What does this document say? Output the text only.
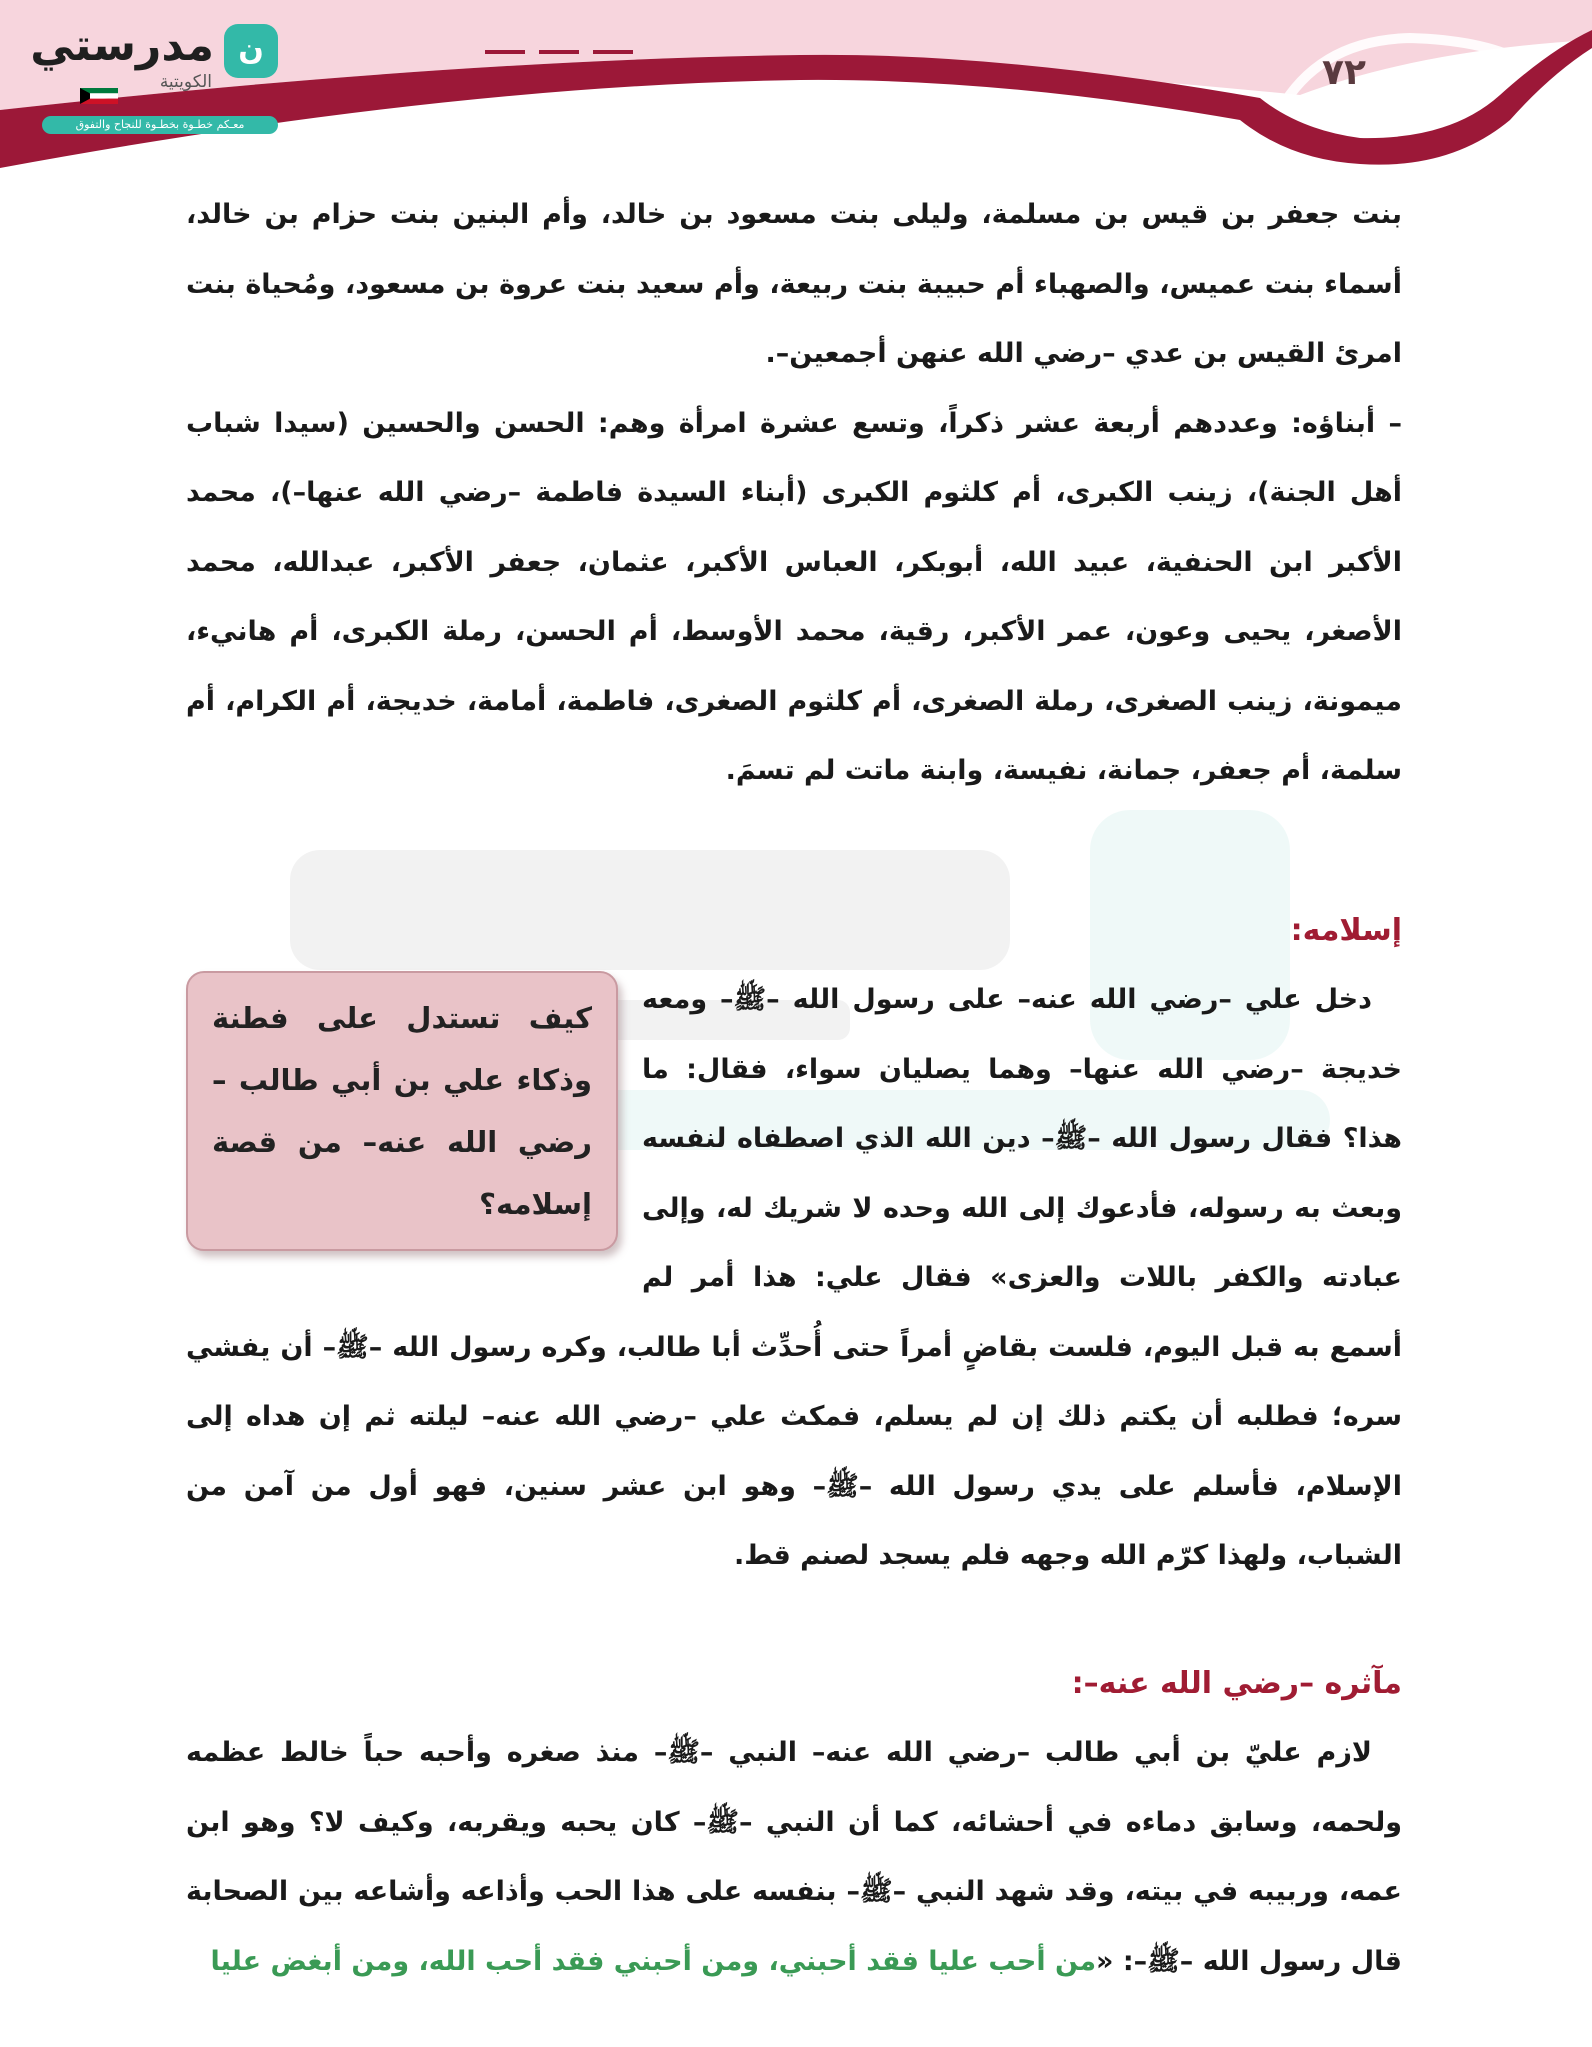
ن
مدرستي
الكويتية
معـكم خطـوة بخطـوة للنجاح والتفوق
٧٢

بنت جعفر بن قيس بن مسلمة، وليلى بنت مسعود بن خالد، وأم البنين بنت حزام بن خالد، أسماء بنت عميس، والصهباء أم حبيبة بنت ربيعة، وأم سعيد بنت عروة بن مسعود، ومُحياة بنت امرئ القيس بن عدي –رضي الله عنهن أجمعين–.

– أبناؤه: وعددهم أربعة عشر ذكراً، وتسع عشرة امرأة وهم: الحسن والحسين (سيدا شباب أهل الجنة)، زينب الكبرى، أم كلثوم الكبرى (أبناء السيدة فاطمة –رضي الله عنها–)، محمد الأكبر ابن الحنفية، عبيد الله، أبوبكر، العباس الأكبر، عثمان، جعفر الأكبر، عبدالله، محمد الأصغر، يحيى وعون، عمر الأكبر، رقية، محمد الأوسط، أم الحسن، رملة الكبرى، أم هانيء، ميمونة، زينب الصغرى، رملة الصغرى، أم كلثوم الصغرى، فاطمة، أمامة، خديجة، أم الكرام، أم سلمة، أم جعفر، جمانة، نفيسة، وابنة ماتت لم تسمَ.

إسلامه:

كيف تستدل على فطنة وذكاء علي بن أبي طالب –رضي الله عنه– من قصة إسلامه؟

دخل علي –رضي الله عنه– على رسول الله –ﷺ– ومعه خديجة –رضي الله عنها– وهما يصليان سواء، فقال: ما هذا؟ فقال رسول الله –ﷺ– دين الله الذي اصطفاه لنفسه وبعث به رسوله، فأدعوك إلى الله وحده لا شريك له، وإلى عبادته والكفر باللات والعزى» فقال علي: هذا أمر لم أسمع به قبل اليوم، فلست بقاضٍ أمراً حتى أُحدِّث أبا طالب، وكره رسول الله –ﷺ– أن يفشي سره؛ فطلبه أن يكتم ذلك إن لم يسلم، فمكث علي –رضي الله عنه– ليلته ثم إن هداه إلى الإسلام، فأسلم على يدي رسول الله –ﷺ– وهو ابن عشر سنين، فهو أول من آمن من الشباب، ولهذا كرّم الله وجهه فلم يسجد لصنم قط.

مآثره –رضي الله عنه–:

لازم عليّ بن أبي طالب –رضي الله عنه– النبي –ﷺ– منذ صغره وأحبه حباً خالط عظمه ولحمه، وسابق دماءه في أحشائه، كما أن النبي –ﷺ– كان يحبه ويقربه، وكيف لا؟ وهو ابن عمه، وربيبه في بيته، وقد شهد النبي –ﷺ– بنفسه على هذا الحب وأذاعه وأشاعه بين الصحابة قال رسول الله –ﷺ–: «من أحب عليا فقد أحبني، ومن أحبني فقد أحب الله، ومن أبغض عليا
